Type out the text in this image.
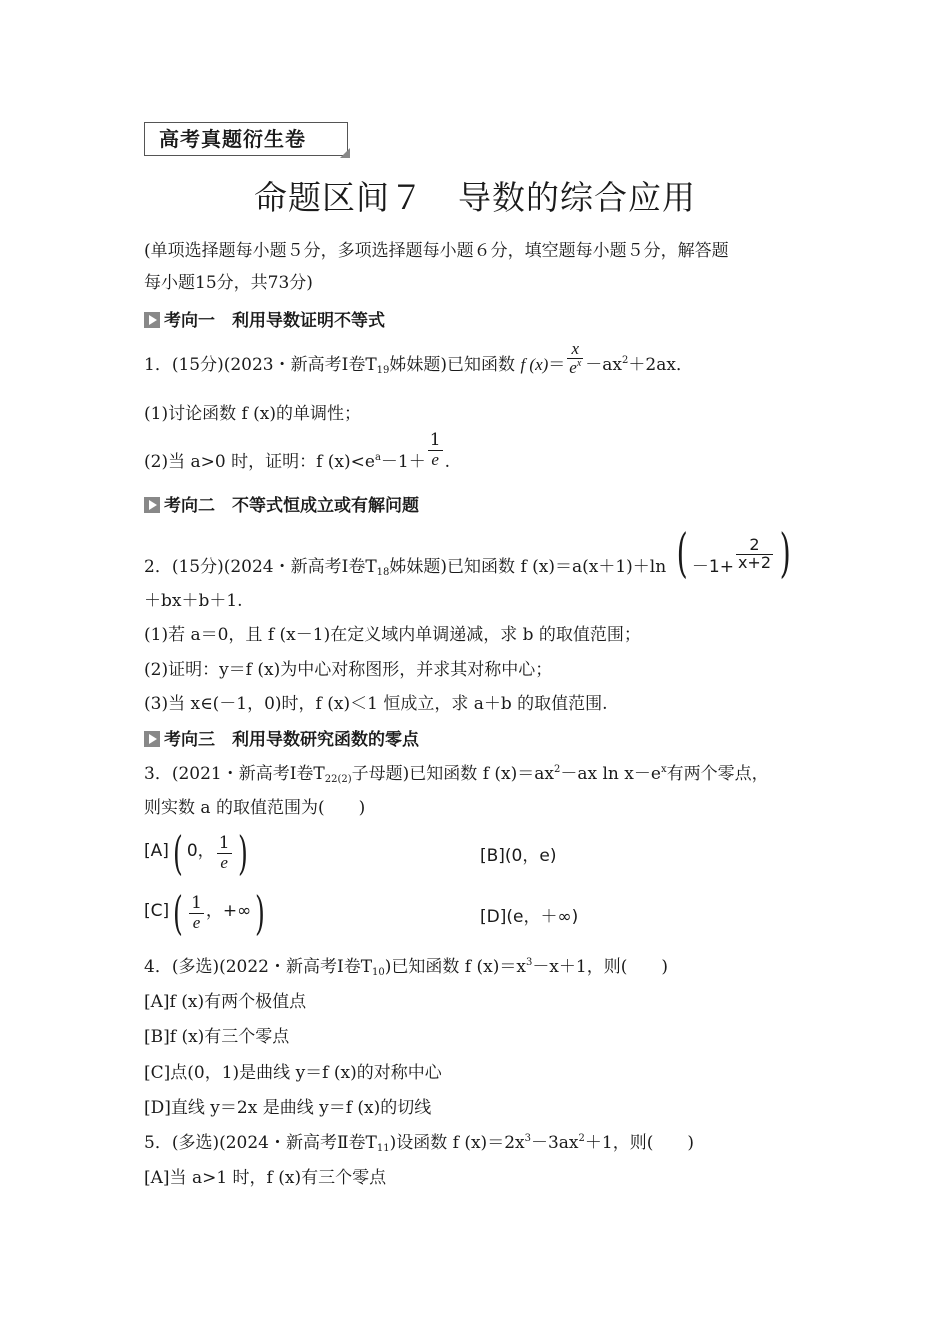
高考真题衍生卷
命题区间７　导数的综合应用
(单项选择题每小题５分，多项选择题每小题６分，填空题每小题５分，解答题
每小题15分，共73分)
考向一　利用导数证明不等式
1．(15分)(2023・新高考Ⅰ卷$T_{19}$姊妹题)已知函数 f $(x)= \frac{x}{e^x} -ax^2+2ax$．
(1)讨论函数 f (x)的单调性；
(2)当 a>0 时，证明：f $(x)<e^a-1+ \frac{1}{e}$ .
考向二　不等式恒成立或有解问题
2．(15分)(2024・新高考Ⅰ卷$T_{18}$姊妹题)已知函数 f (x)＝a(x＋1)＋ln ( $-1+ \frac{2}{x+2}$ )
＋bx＋b＋1.
(1)若 a＝0，且 f (x－1)在定义域内单调递减，求 b 的取值范围；
(2)证明：y＝f (x)为中心对称图形，并求其对称中心；
(3)当 x∈(－1，0)时，f (x)＜1 恒成立，求 a＋b 的取值范围.
考向三　利用导数研究函数的零点
3．(2021・新高考Ⅰ卷$T_{22(2)}$子母题)已知函数 f $(x)=ax^2-ax$ $\ln x-e^x$有两个零点，
则实数 a 的取值范围为(　　)
[A]( 0， $\frac{1}{e}$ )	[B](0，e)
$[C]( \frac{1}{e}$ ，+∞)	[D](e，＋∞)
4．(多选)(2022・新高考Ⅰ卷$T_{10}$)已知函数 f $(x)=x^3-x+1$，则(　　)
[A]f (x)有两个极值点
[B]f (x)有三个零点
[C]点(0，1)是曲线 y＝f (x)的对称中心
[D]直线 y＝2x 是曲线 y＝f (x)的切线
5．(多选)(2024・新高考Ⅱ卷$T_{11}$)设函数 f $(x)=2x^3-3ax^2+1$，则(　　)
[A]当 a>1 时，f (x)有三个零点
